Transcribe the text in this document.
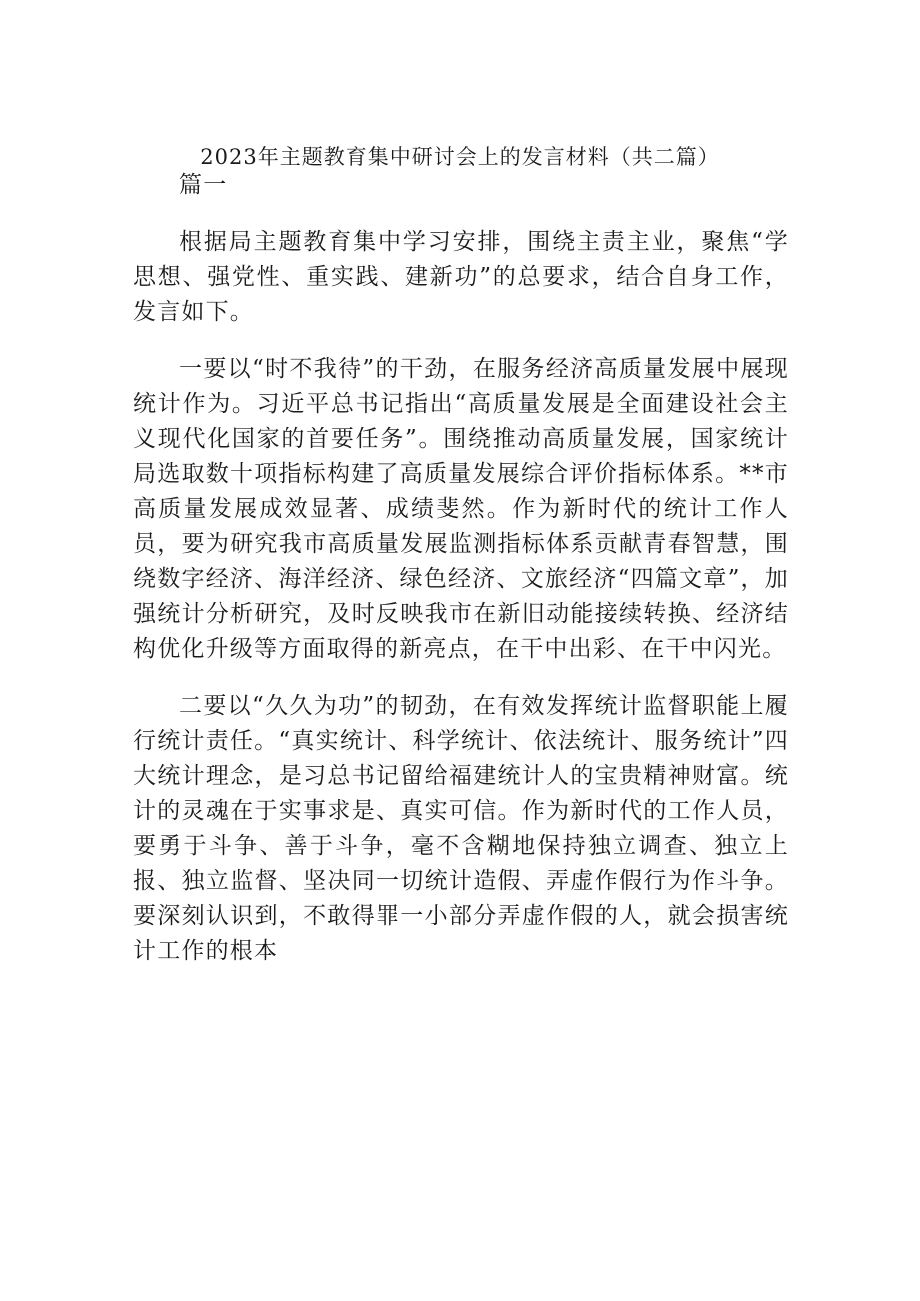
2023年主题教育集中研讨会上的发言材料（共二篇）

篇一

根据局主题教育集中学习安排，围绕主责主业，聚焦“学思想、强党性、重实践、建新功”的总要求，结合自身工作，发言如下。

一要以“时不我待”的干劲，在服务经济高质量发展中展现统计作为。习近平总书记指出“高质量发展是全面建设社会主义现代化国家的首要任务”。围绕推动高质量发展，国家统计局选取数十项指标构建了高质量发展综合评价指标体系。**市高质量发展成效显著、成绩斐然。作为新时代的统计工作人员，要为研究我市高质量发展监测指标体系贡献青春智慧，围绕数字经济、海洋经济、绿色经济、文旅经济“四篇文章”，加强统计分析研究，及时反映我市在新旧动能接续转换、经济结构优化升级等方面取得的新亮点，在干中出彩、在干中闪光。

二要以“久久为功”的韧劲，在有效发挥统计监督职能上履行统计责任。“真实统计、科学统计、依法统计、服务统计”四大统计理念，是习总书记留给福建统计人的宝贵精神财富。统计的灵魂在于实事求是、真实可信。作为新时代的工作人员，要勇于斗争、善于斗争，毫不含糊地保持独立调查、独立上报、独立监督、坚决同一切统计造假、弄虚作假行为作斗争。要深刻认识到，不敢得罪一小部分弄虚作假的人，就会损害统计工作的根本
